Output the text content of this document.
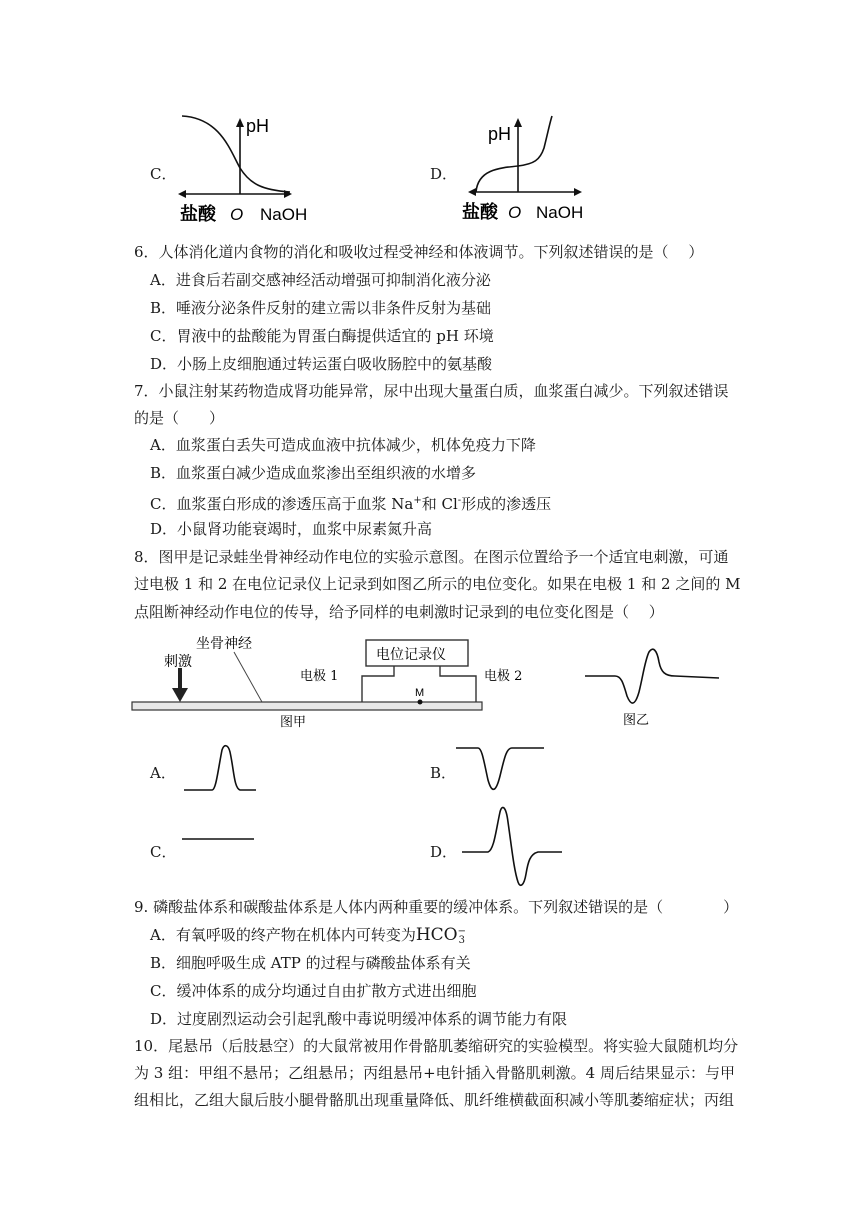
C．
pH
盐酸 O NaOH
D．
pH
盐酸 O NaOH
6．人体消化道内食物的消化和吸收过程受神经和体液调节。下列叙述错误的是（　 ）
A．进食后若副交感神经活动增强可抑制消化液分泌
B．唾液分泌条件反射的建立需以非条件反射为基础
C．胃液中的盐酸能为胃蛋白酶提供适宜的 pH 环境
D．小肠上皮细胞通过转运蛋白吸收肠腔中的氨基酸
7．小鼠注射某药物造成肾功能异常，尿中出现大量蛋白质，血浆蛋白减少。下列叙述错误
的是（　　）
A．血浆蛋白丢失可造成血液中抗体减少，机体免疫力下降
B．血浆蛋白减少造成血浆渗出至组织液的水增多
C．血浆蛋白形成的渗透压高于血浆 Na+和 Cl-形成的渗透压
D．小鼠肾功能衰竭时，血浆中尿素氮升高
8．图甲是记录蛙坐骨神经动作电位的实验示意图。在图示位置给予一个适宜电刺激，可通
过电极 1 和 2 在电位记录仪上记录到如图乙所示的电位变化。如果在电极 1 和 2 之间的 M
点阻断神经动作电位的传导，给予同样的电刺激时记录到的电位变化图是（　 ）
刺激
坐骨神经
电位记录仪
电极 1	电极 2
M
图甲	图乙
A．	B．
C．	D．
9. 磷酸盐体系和碳酸盐体系是人体内两种重要的缓冲体系。下列叙述错误的是（　　　　）
A．有氧呼吸的终产物在机体内可转变为HCO −
3
B．细胞呼吸生成 ATP 的过程与磷酸盐体系有关
C．缓冲体系的成分均通过自由扩散方式进出细胞
D．过度剧烈运动会引起乳酸中毒说明缓冲体系的调节能力有限
10．尾悬吊（后肢悬空）的大鼠常被用作骨骼肌萎缩研究的实验模型。将实验大鼠随机均分
为 3 组：甲组不悬吊；乙组悬吊；丙组悬吊+电针插入骨骼肌刺激。4 周后结果显示：与甲
组相比，乙组大鼠后肢小腿骨骼肌出现重量降低、肌纤维横截面积减小等肌萎缩症状；丙组
